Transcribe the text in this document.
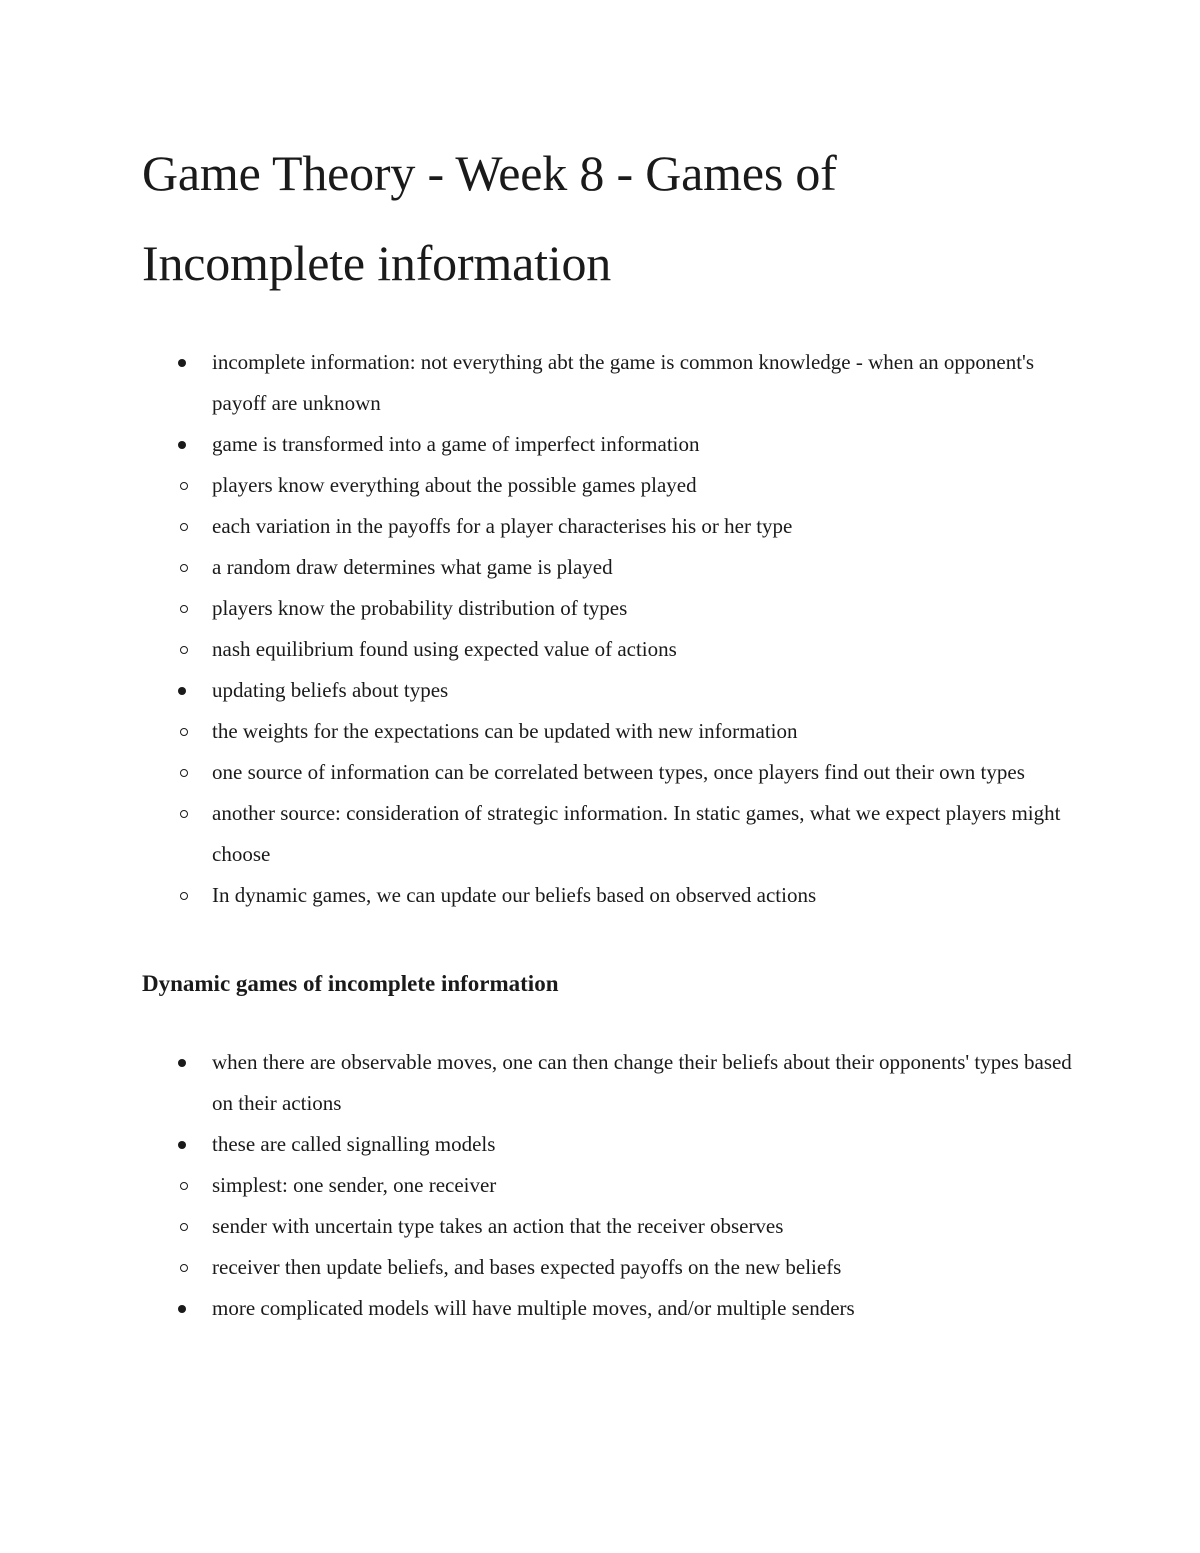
Game Theory - Week 8 - Games of
Incomplete information
incomplete information: not everything abt the game is common knowledge - when an opponent's payoff are unknown
game is transformed into a game of imperfect information
players know everything about the possible games played
each variation in the payoffs for a player characterises his or her type
a random draw determines what game is played
players know the probability distribution of types
nash equilibrium found using expected value of actions
updating beliefs about types
the weights for the expectations can be updated with new information
one source of information can be correlated between types, once players find out their own types
another source: consideration of strategic information. In static games, what we expect players might choose
In dynamic games, we can update our beliefs based on observed actions
Dynamic games of incomplete information
when there are observable moves, one can then change their beliefs about their opponents' types based on their actions
these are called signalling models
simplest: one sender, one receiver
sender with uncertain type takes an action that the receiver observes
receiver then update beliefs, and bases expected payoffs on the new beliefs
more complicated models will have multiple moves, and/or multiple senders
